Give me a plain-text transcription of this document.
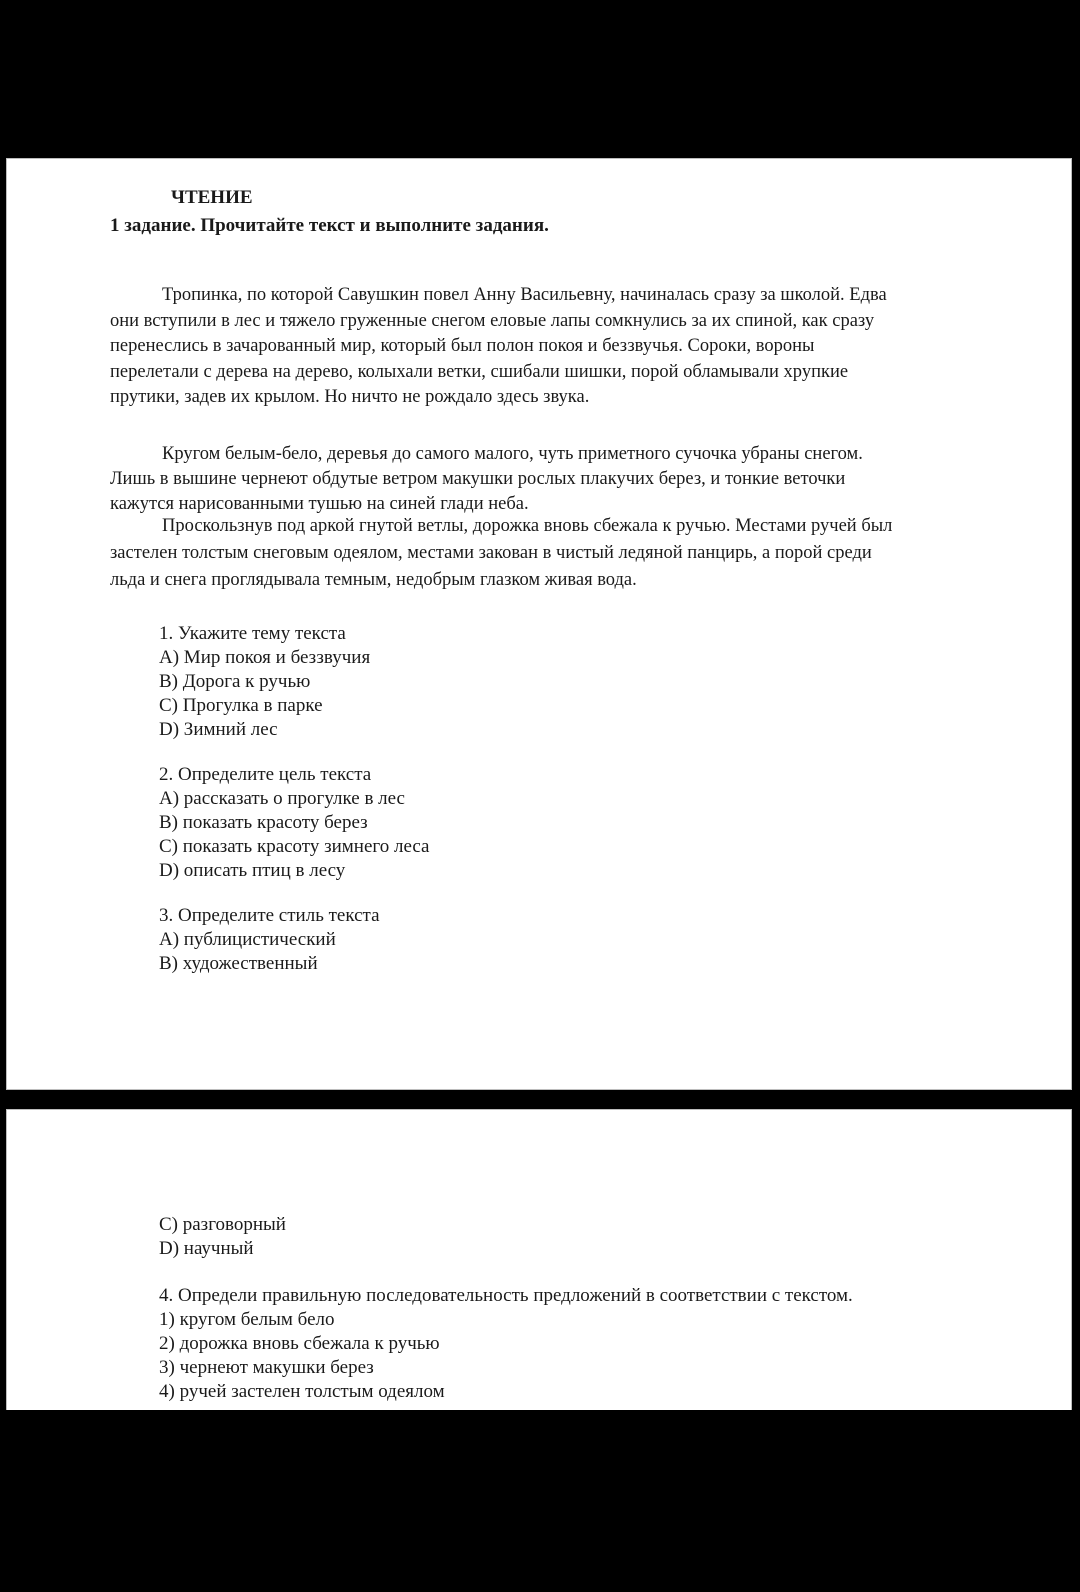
ЧТЕНИЕ
1 задание. Прочитайте текст и выполните задания.
Тропинка, по которой Савушкин повел Анну Васильевну, начиналась сразу за школой. Едва
они вступили в лес и тяжело груженные снегом еловые лапы сомкнулись за их спиной, как сразу
перенеслись в зачарованный мир, который был полон покоя и беззвучья. Сороки, вороны
перелетали с дерева на дерево, колыхали ветки, сшибали шишки, порой обламывали хрупкие
прутики, задев их крылом. Но ничто не рождало здесь звука.
Кругом белым-бело, деревья до самого малого, чуть приметного сучочка убраны снегом.
Лишь в вышине чернеют обдутые ветром макушки рослых плакучих берез, и тонкие веточки
кажутся нарисованными тушью на синей глади неба.
Проскользнув под аркой гнутой ветлы, дорожка вновь сбежала к ручью. Местами ручей был
застелен толстым снеговым одеялом, местами закован в чистый ледяной панцирь, а порой среди
льда и снега проглядывала темным, недобрым глазком живая вода.
1. Укажите тему текста
A) Мир покоя и беззвучия
B) Дорога к ручью
C) Прогулка в парке
D) Зимний лес
2. Определите цель текста
A) рассказать о прогулке в лес
B) показать красоту берез
C) показать красоту зимнего леса
D) описать птиц в лесу
3. Определите стиль текста
A) публицистический
B) художественный
C) разговорный
D) научный
4. Определи правильную последовательность предложений в соответствии с текстом.
1) кругом белым бело
2) дорожка вновь сбежала к ручью
3) чернеют макушки берез
4) ручей застелен толстым одеялом
